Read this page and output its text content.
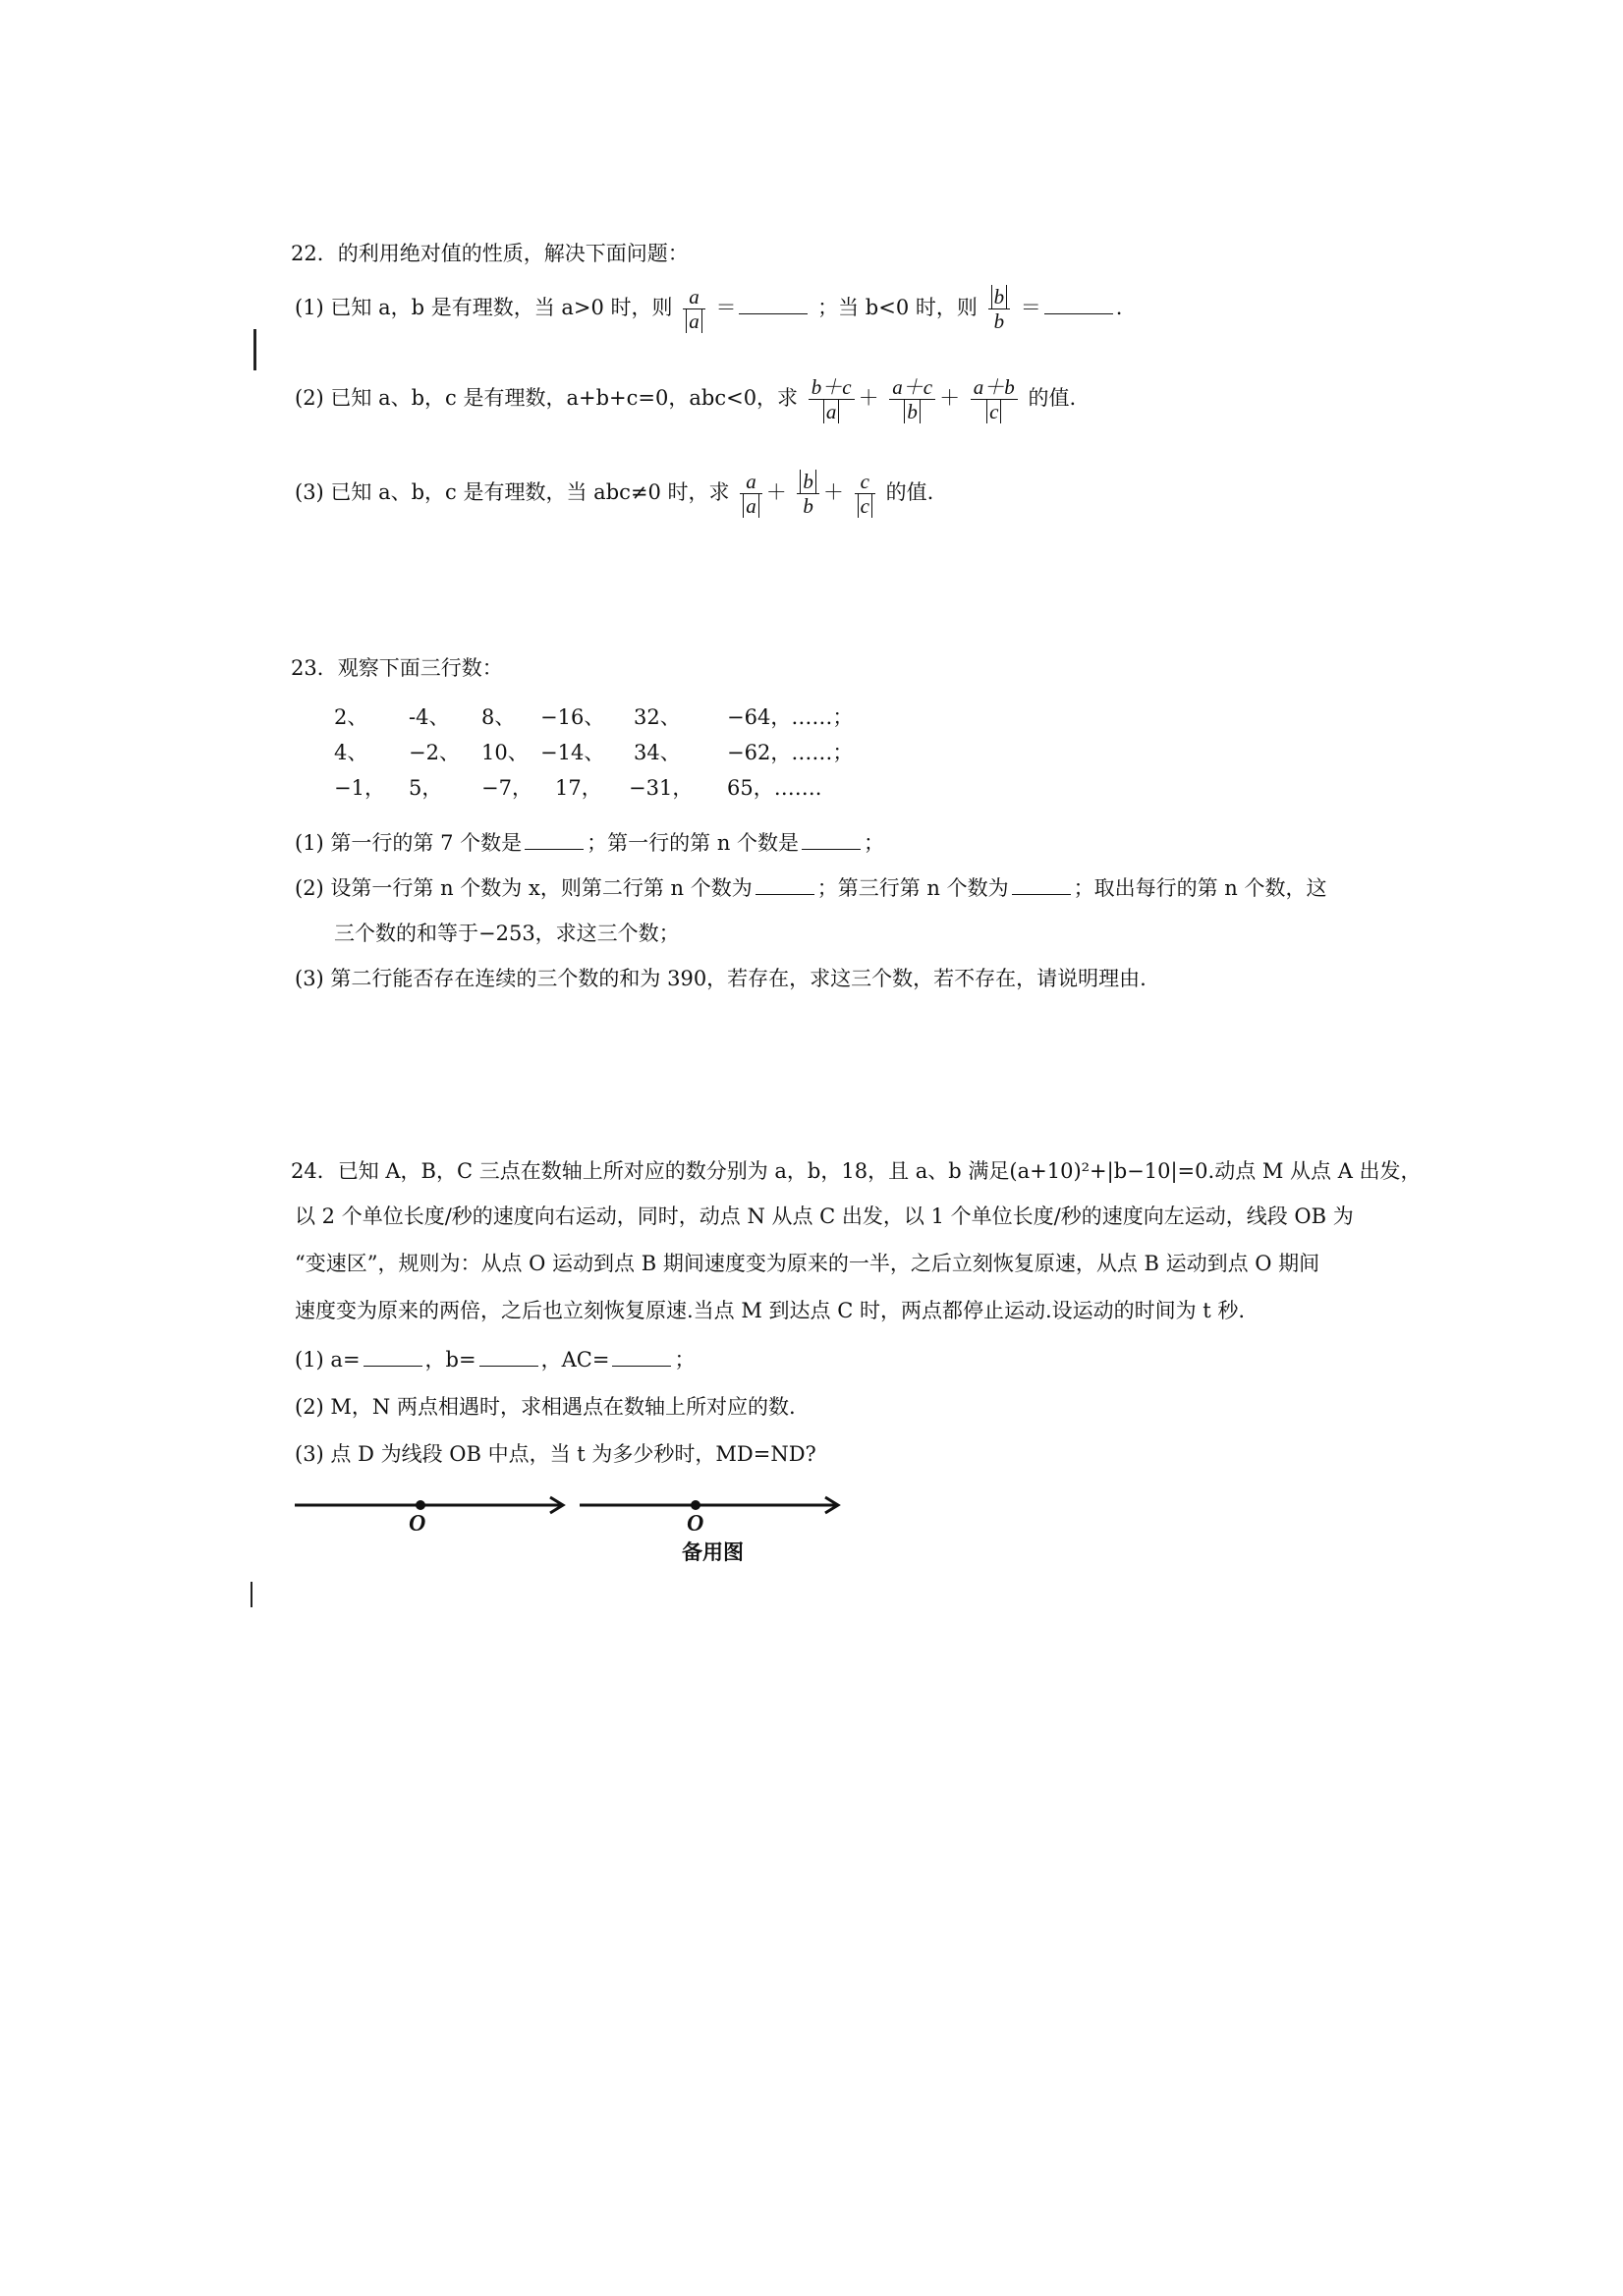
22．的利用绝对值的性质，解决下面问题：
(1) 已知 a，b 是有理数，当 a>0 时，则 $\frac{a}{a}$ ＝	；当 b<0 时，则 $\frac{b}{b}$ ＝	.
(2) 已知 a、b，c 是有理数，a+b+c=0，abc<0，求 $\frac{b+c}{a} + \frac{a+c}{b} + \frac{a+b}{c}$ 的值.
(3) 已知 a、b，c 是有理数，当 abc≠0 时，求 $\frac{a}{a} + \frac{b}{b} + \frac{c}{c}$ 的值.
23．观察下面三行数：
2、 -4、 8、 −16、 32、 −64，……；
4、 −2、 10、 −14、 34、 −62，……；
−1， 5， −7， 17， −31， 65，…….
(1) 第一行的第 7 个数是	；第一行的第 n 个数是	；
(2) 设第一行第 n 个数为 x，则第二行第 n 个数为	；第三行第 n 个数为	；取出每行的第 n 个数，这
三个数的和等于−253，求这三个数；
(3) 第二行能否存在连续的三个数的和为 390，若存在，求这三个数，若不存在，请说明理由.
24．已知 A，B，C 三点在数轴上所对应的数分别为 a，b，18，且 a、b 满足(a+10)²+|b−10|=0.动点 M 从点 A 出发，
以 2 个单位长度/秒的速度向右运动，同时，动点 N 从点 C 出发，以 1 个单位长度/秒的速度向左运动，线段 OB 为
“变速区”，规则为：从点 O 运动到点 B 期间速度变为原来的一半，之后立刻恢复原速，从点 B 运动到点 O 期间
速度变为原来的两倍，之后也立刻恢复原速.当点 M 到达点 C 时，两点都停止运动.设运动的时间为 t 秒.
(1) a=	，b=	，AC=	；
(2) M，N 两点相遇时，求相遇点在数轴上所对应的数.
(3) 点 D 为线段 OB 中点，当 t 为多少秒时，MD=ND?
O	O
备用图
